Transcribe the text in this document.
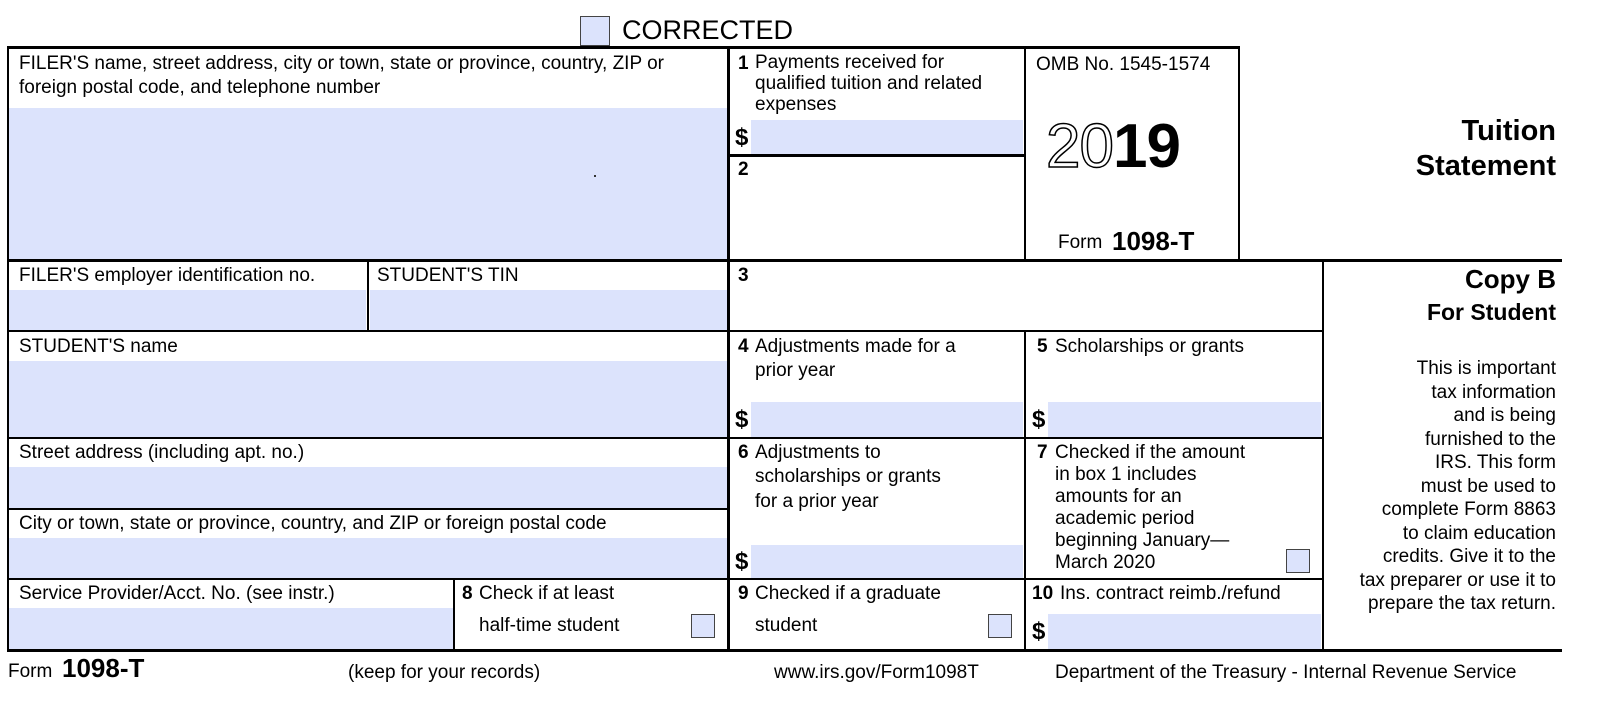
CORRECTED
FILER'S name, street address, city or town, state or province, country, ZIP or
foreign postal code, and telephone number
1 Payments received for
qualified tuition and related
expenses
$
2
OMB No. 1545-1574
2019
Form 1098-T
Tuition
Statement
FILER'S employer identification no.	STUDENT'S TIN	3	Copy B
For Student
This is important
tax information
and is being
furnished to the
IRS. This form
must be used to
complete Form 8863
to claim education
credits. Give it to the
tax preparer or use it to
prepare the tax return.
STUDENT'S name	4 Adjustments made for a
prior year
$
5 Scholarships or grants
$
Street address (including apt. no.)
City or town, state or province, country, and ZIP or foreign postal code
6 Adjustments to
scholarships or grants
for a prior year
$
7 Checked if the amount
in box 1 includes
amounts for an
academic period
beginning January—
March 2020
Service Provider/Acct. No. (see instr.)	8 Check if at least
half-time student
9 Checked if a graduate
student
10 Ins. contract reimb./refund
$
Form 1098-T	(keep for your records)	www.irs.gov/Form1098T	Department of the Treasury - Internal Revenue Service
